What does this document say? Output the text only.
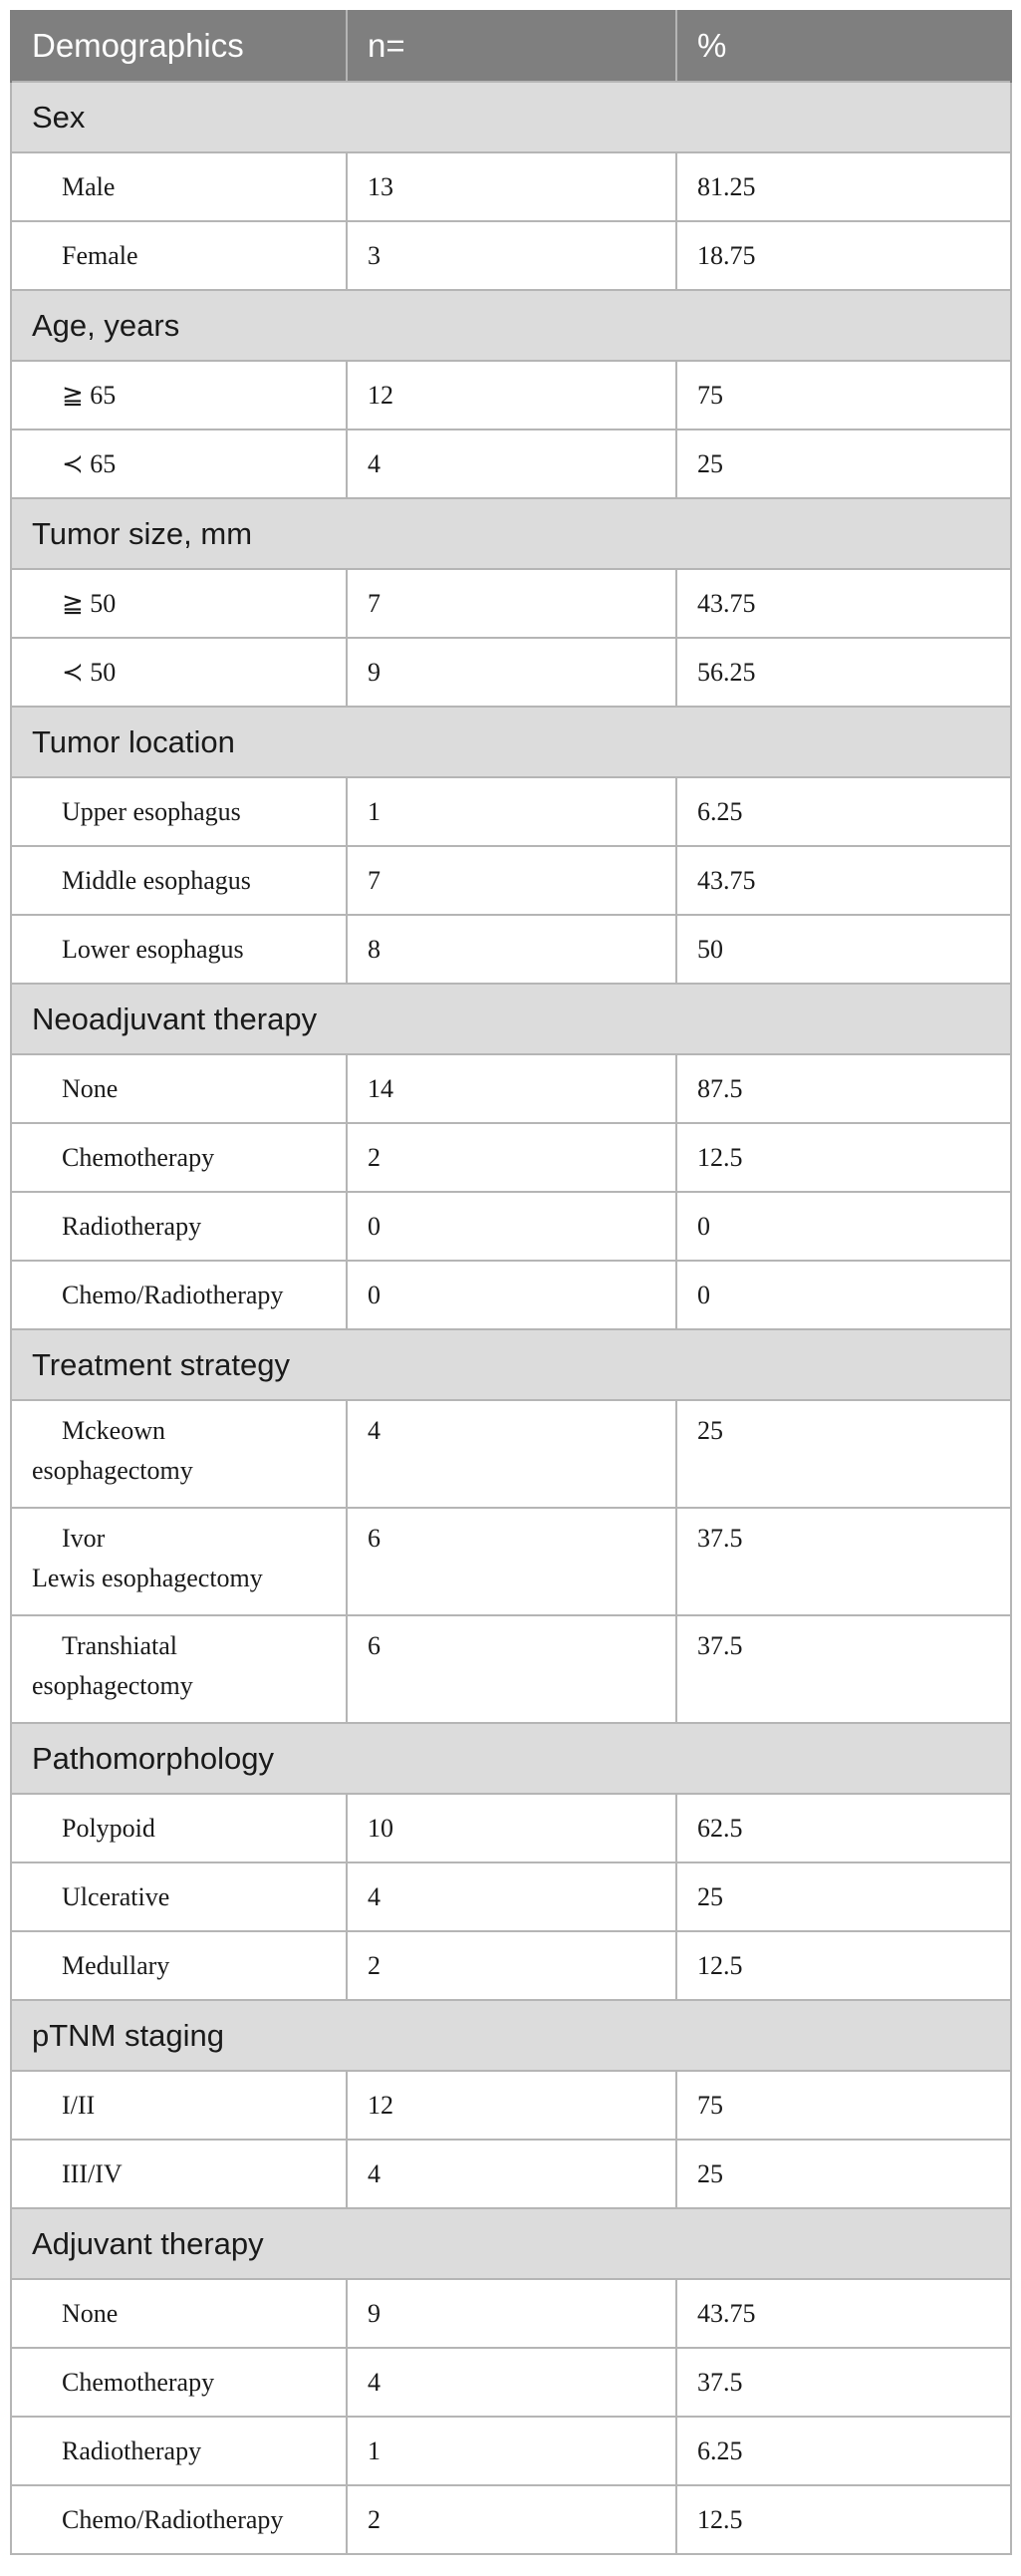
Demographics	n=	%
Sex		
Male	13	81.25
Female	3	18.75
Age, years		
≧ 65	12	75
≺ 65	4	25
Tumor size, mm		
≧ 50	7	43.75
≺ 50	9	56.25
Tumor location		
Upper esophagus	1	6.25
Middle esophagus	7	43.75
Lower esophagus	8	50
Neoadjuvant therapy		
None	14	87.5
Chemotherapy	2	12.5
Radiotherapy	0	0
Chemo/Radiotherapy	0	0
Treatment strategy		

Mckeown
esophagectomy	4	25

Ivor
Lewis esophagectomy	6	37.5

Transhiatal
esophagectomy	6	37.5
Pathomorphology		
Polypoid	10	62.5
Ulcerative	4	25
Medullary	2	12.5
pTNM staging		
I/II	12	75
III/IV	4	25
Adjuvant therapy		
None	9	43.75
Chemotherapy	4	37.5
Radiotherapy	1	6.25
Chemo/Radiotherapy	2	12.5
